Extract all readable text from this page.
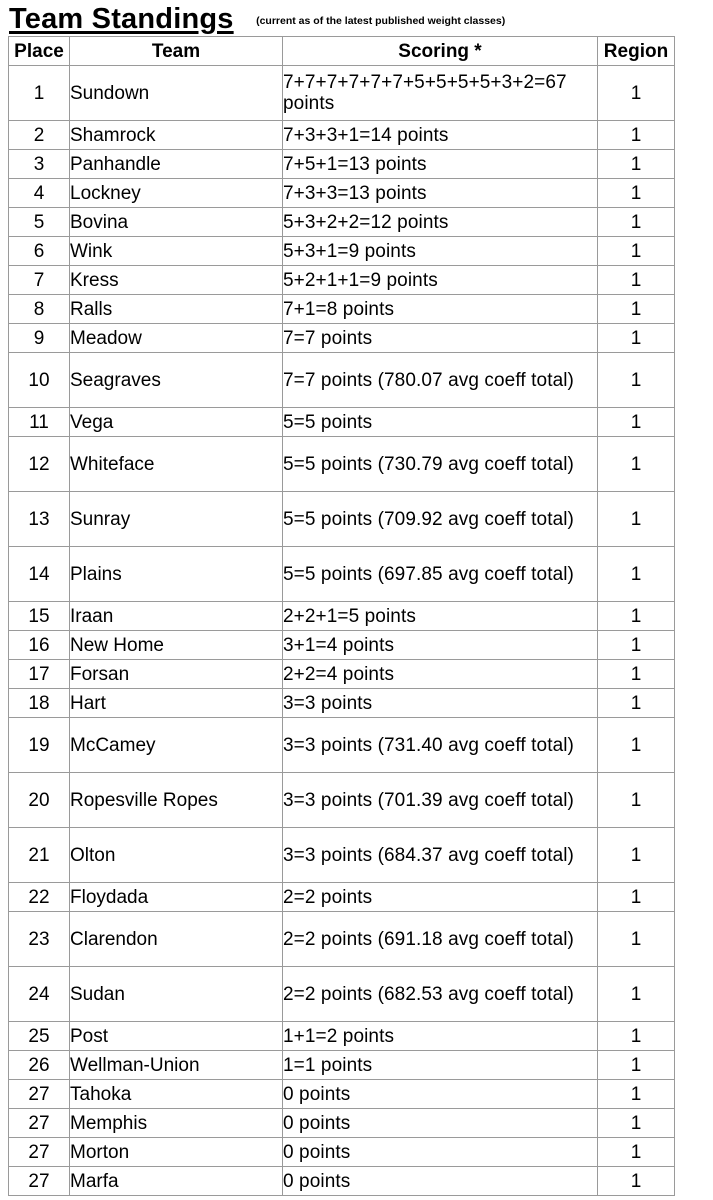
Team Standings (current as of the latest published weight classes)
Place	Team	Scoring *	Region
1	Sundown	7+7+7+7+7+7+5+5+5+5+3+2=67 points	1
2	Shamrock	7+3+3+1=14 points	1
3	Panhandle	7+5+1=13 points	1
4	Lockney	7+3+3=13 points	1
5	Bovina	5+3+2+2=12 points	1
6	Wink	5+3+1=9 points	1
7	Kress	5+2+1+1=9 points	1
8	Ralls	7+1=8 points	1
9	Meadow	7=7 points	1
10	Seagraves	7=7 points (780.07 avg coeff total)	1
11	Vega	5=5 points	1
12	Whiteface	5=5 points (730.79 avg coeff total)	1
13	Sunray	5=5 points (709.92 avg coeff total)	1
14	Plains	5=5 points (697.85 avg coeff total)	1
15	Iraan	2+2+1=5 points	1
16	New Home	3+1=4 points	1
17	Forsan	2+2=4 points	1
18	Hart	3=3 points	1
19	McCamey	3=3 points (731.40 avg coeff total)	1
20	Ropesville Ropes	3=3 points (701.39 avg coeff total)	1
21	Olton	3=3 points (684.37 avg coeff total)	1
22	Floydada	2=2 points	1
23	Clarendon	2=2 points (691.18 avg coeff total)	1
24	Sudan	2=2 points (682.53 avg coeff total)	1
25	Post	1+1=2 points	1
26	Wellman-Union	1=1 points	1
27	Tahoka	0 points	1
27	Memphis	0 points	1
27	Morton	0 points	1
27	Marfa	0 points	1
